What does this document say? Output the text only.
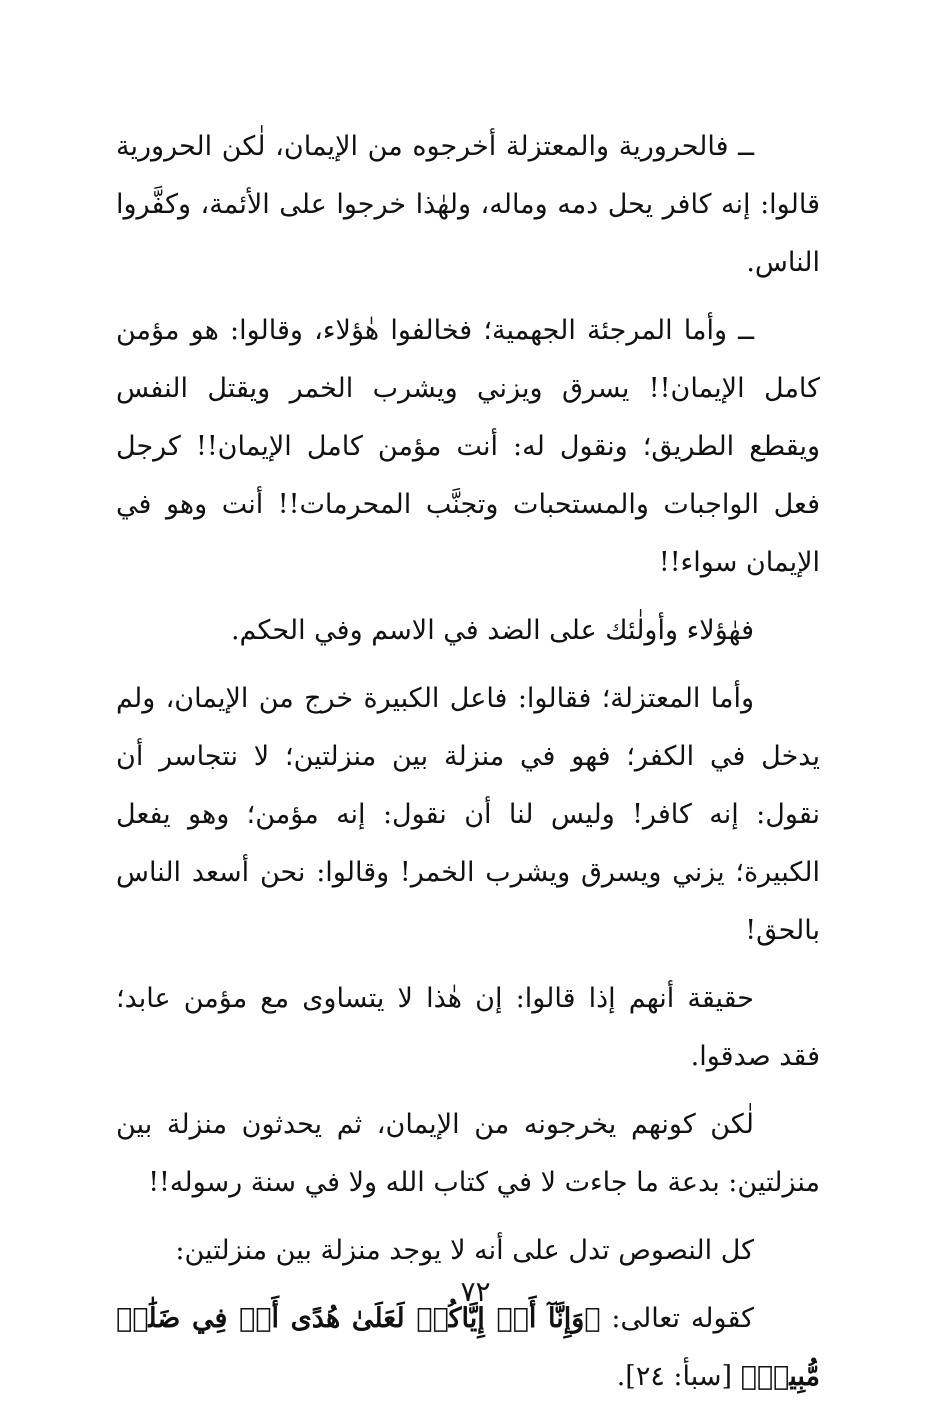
ــ فالحرورية والمعتزلة أخرجوه من الإيمان، لٰكن الحرورية قالوا: إنه كافر يحل دمه وماله، ولهٰذا خرجوا على الأئمة، وكفَّروا الناس.

ــ وأما المرجئة الجهمية؛ فخالفوا هٰؤلاء، وقالوا: هو مؤمن كامل الإيمان!! يسرق ويزني ويشرب الخمر ويقتل النفس ويقطع الطريق؛ ونقول له: أنت مؤمن كامل الإيمان!! كرجل فعل الواجبات والمستحبات وتجنَّب المحرمات!! أنت وهو في الإيمان سواء!!

فهٰؤلاء وأولٰئك على الضد في الاسم وفي الحكم.

وأما المعتزلة؛ فقالوا: فاعل الكبيرة خرج من الإيمان، ولم يدخل في الكفر؛ فهو في منزلة بين منزلتين؛ لا نتجاسر أن نقول: إنه كافر! وليس لنا أن نقول: إنه مؤمن؛ وهو يفعل الكبيرة؛ يزني ويسرق ويشرب الخمر! وقالوا: نحن أسعد الناس بالحق!

حقيقة أنهم إذا قالوا: إن هٰذا لا يتساوى مع مؤمن عابد؛ فقد صدقوا.

لٰكن كونهم يخرجونه من الإيمان، ثم يحدثون منزلة بين منزلتين: بدعة ما جاءت لا في كتاب الله ولا في سنة رسوله!!

كل النصوص تدل على أنه لا يوجد منزلة بين منزلتين:

كقوله تعالى: ﴿وَإِنَّآ أَوۡ إِيَّاكُمۡ لَعَلَىٰ هُدًى أَوۡ فِي ضَلَٰلٖ مُّبِينٖ﴾ [سبأ: ٢٤].

٧٢
